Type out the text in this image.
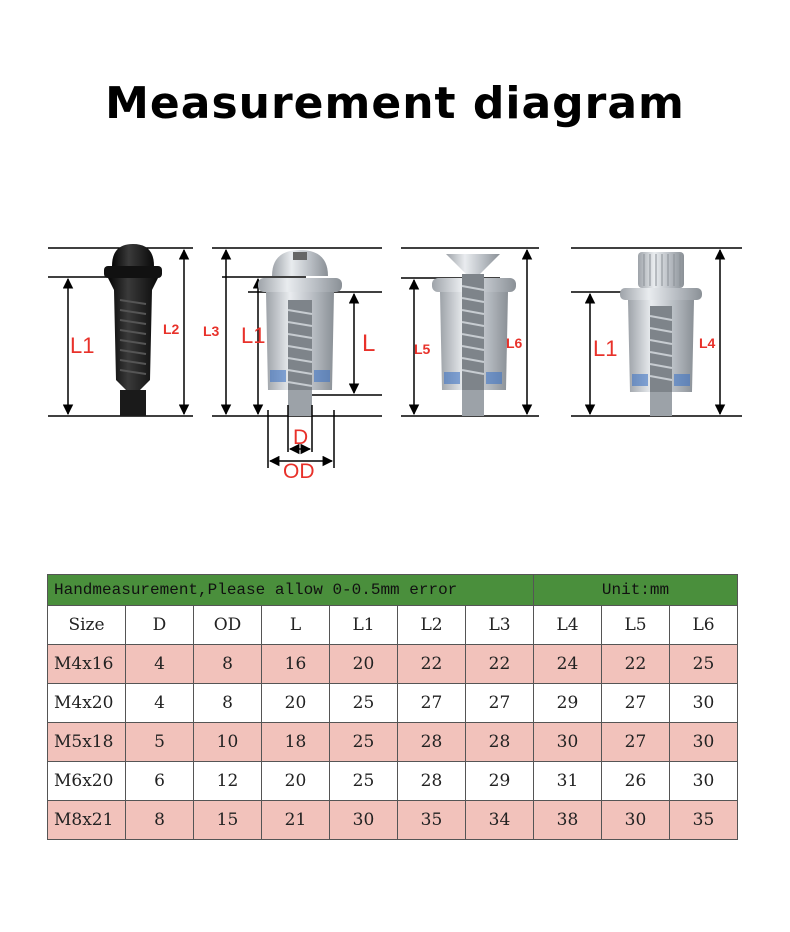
Measurement diagram
L1
L2 L3 L1	L
D
OD
L5	L6	L1	L4
Handmeasurement,Please allow 0-0.5mm error							Unit:mm		
Size	D	OD	L	L1	L2	L3	L4	L5	L6
M4x16	4	8	16	20	22	22	24	22	25
M4x20	4	8	20	25	27	27	29	27	30
M5x18	5	10	18	25	28	28	30	27	30
M6x20	6	12	20	25	28	29	31	26	30
M8x21	8	15	21	30	35	34	38	30	35
